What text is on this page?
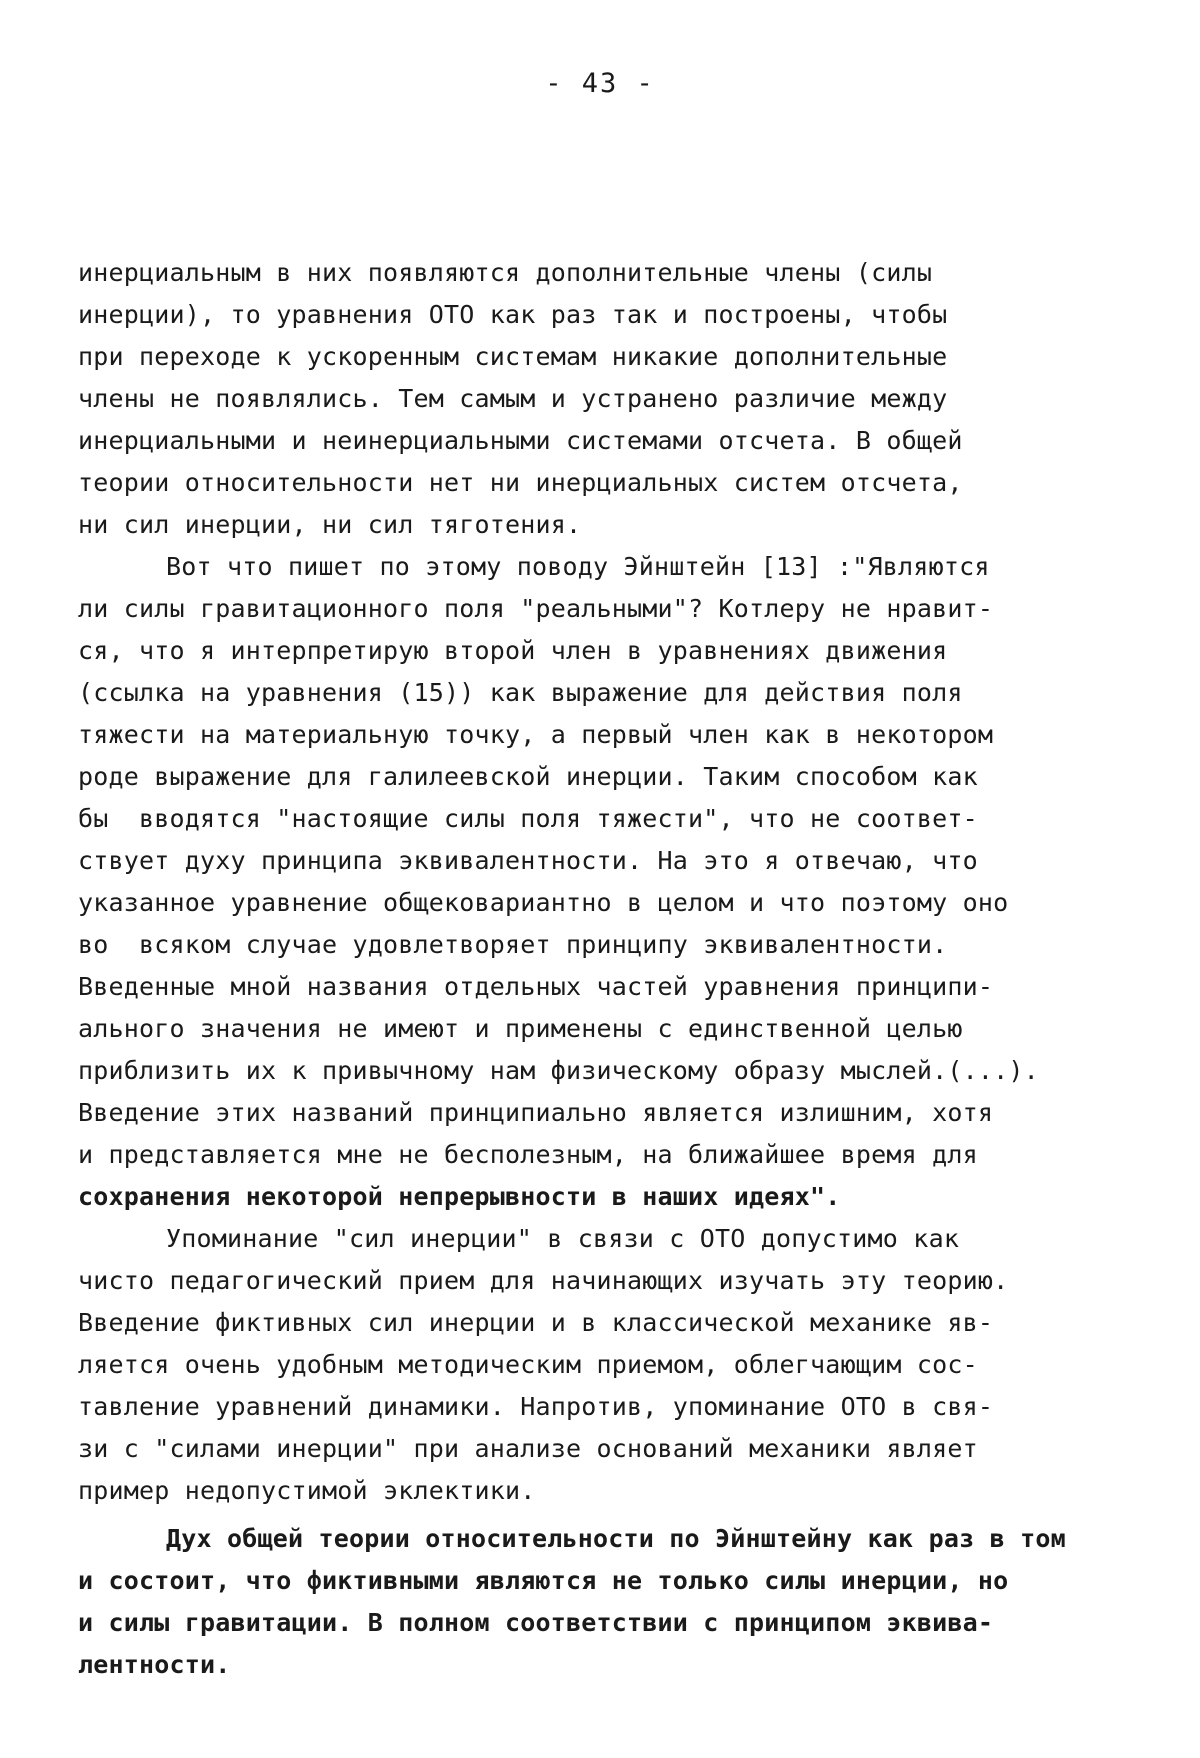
- 43 -
инерциальным в них появляются дополнительные члены (силы
инерции), то уравнения ОТО как раз так и построены, чтобы
при переходе к ускоренным системам никакие дополнительные
члены не появлялись. Тем самым и устранено различие между
инерциальными и неинерциальными системами отсчета. В общей
теории относительности нет ни инерциальных систем отсчета,
ни сил инерции, ни сил тяготения.
Вот что пишет по этому поводу Эйнштейн [13] :"Являются
ли силы гравитационного поля "реальными"? Котлеру не нравит-
ся, что я интерпретирую второй член в уравнениях движения
(ссылка на уравнения (15)) как выражение для действия поля
тяжести на материальную точку, а первый член как в некотором
роде выражение для галилеевской инерции. Таким способом как
бы  вводятся "настоящие силы поля тяжести", что не соответ-
ствует духу принципа эквивалентности. На это я отвечаю, что
указанное уравнение общековариантно в целом и что поэтому оно
во  всяком случае удовлетворяет принципу эквивалентности.
Введенные мной названия отдельных частей уравнения принципи-
ального значения не имеют и применены с единственной целью
приблизить их к привычному нам физическому образу мыслей.(...).
Введение этих названий принципиально является излишним, хотя
и представляется мне не бесполезным, на ближайшее время для
сохранения некоторой непрерывности в наших идеях".
Упоминание "сил инерции" в связи с ОТО допустимо как
чисто педагогический прием для начинающих изучать эту теорию.
Введение фиктивных сил инерции и в классической механике яв-
ляется очень удобным методическим приемом, облегчающим сос-
тавление уравнений динамики. Напротив, упоминание ОТО в свя-
зи с "силами инерции" при анализе оснований механики являет
пример недопустимой эклектики.
Дух общей теории относительности по Эйнштейну как раз в том
и состоит, что фиктивными являются не только силы инерции, но
и силы гравитации. В полном соответствии с принципом эквива-
лентности.
